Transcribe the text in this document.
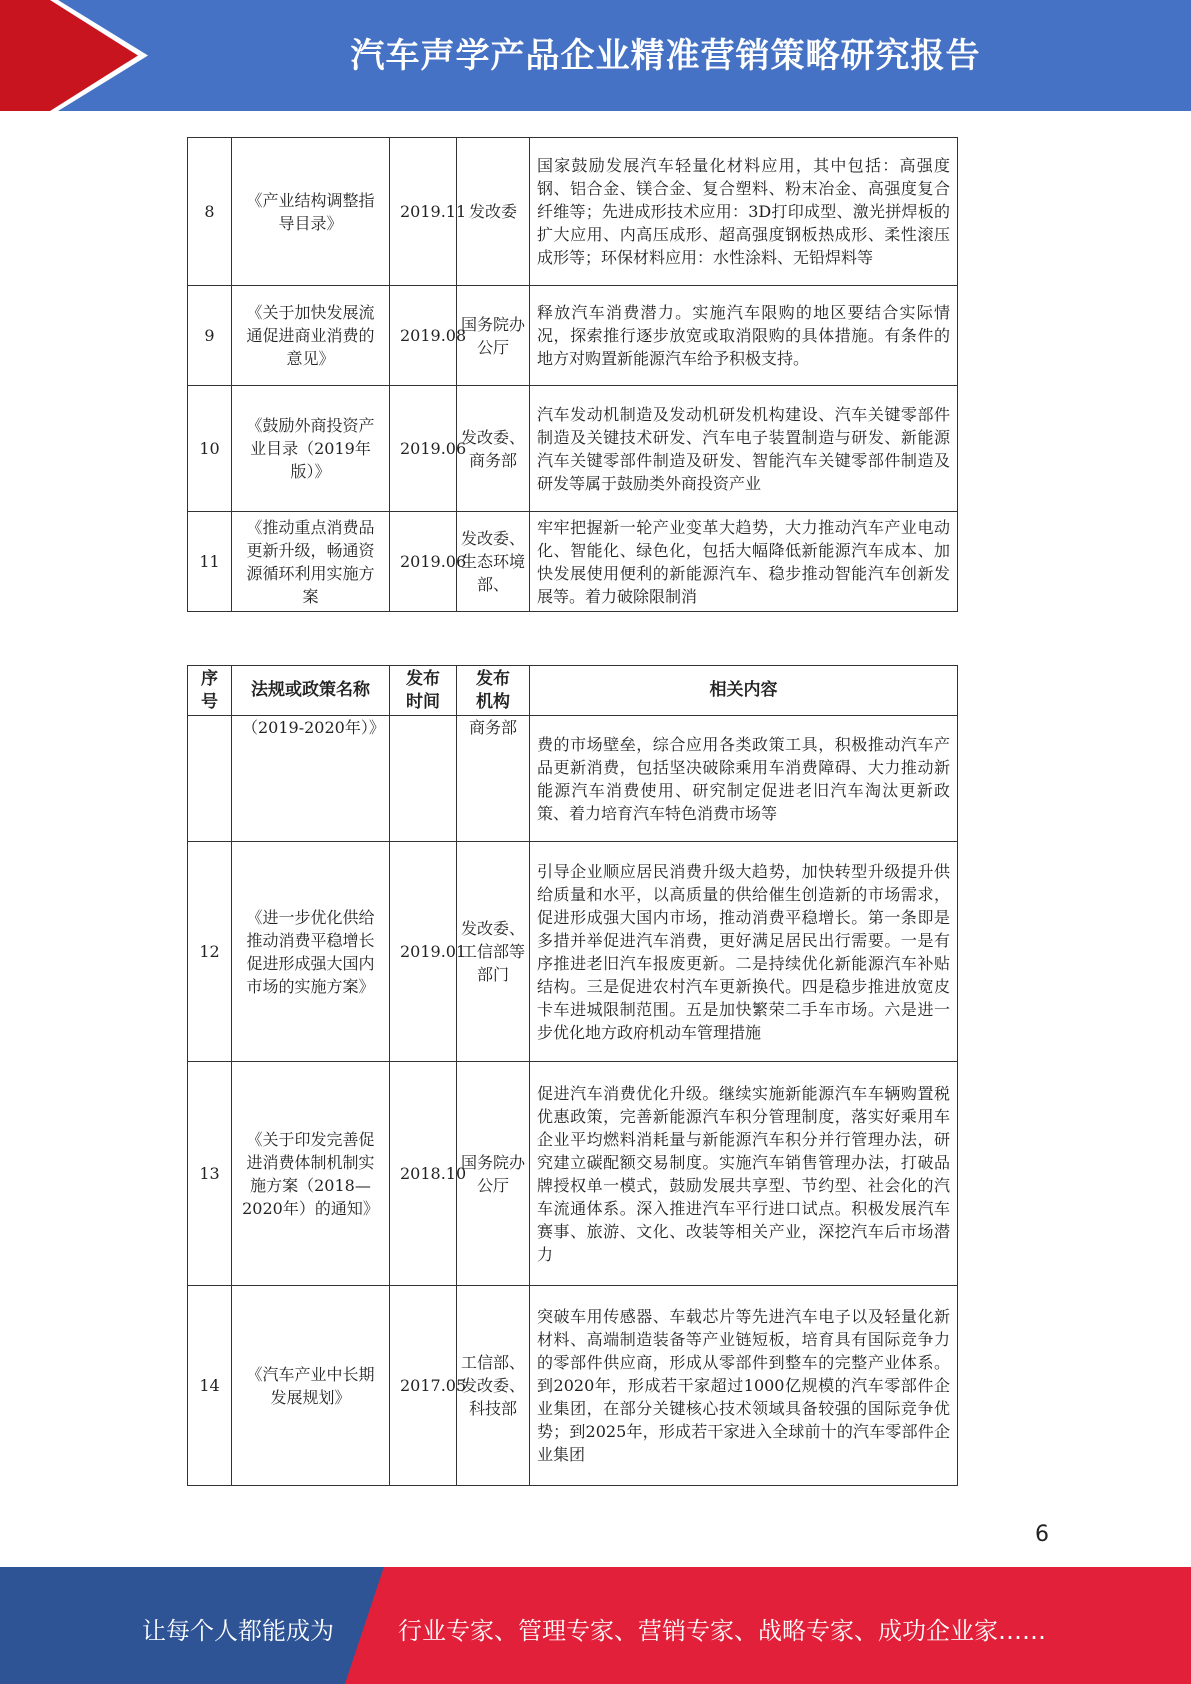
汽车声学产品企业精准营销策略研究报告
8	《产业结构调整指导目录》	2019.11	发改委	国家鼓励发展汽车轻量化材料应用，其中包括：高强度钢、铝合金、镁合金、复合塑料、粉末冶金、高强度复合纤维等；先进成形技术应用：3D打印成型、激光拼焊板的扩大应用、内高压成形、超高强度钢板热成形、柔性滚压成形等；环保材料应用：水性涂料、无铅焊料等
9	《关于加快发展流通促进商业消费的意见》	2019.08	国务院办公厅	释放汽车消费潜力。实施汽车限购的地区要结合实际情况，探索推行逐步放宽或取消限购的具体措施。有条件的地方对购置新能源汽车给予积极支持。
10	《鼓励外商投资产业目录（2019年版）》	2019.06	发改委、商务部	汽车发动机制造及发动机研发机构建设、汽车关键零部件制造及关键技术研发、汽车电子装置制造与研发、新能源汽车关键零部件制造及研发、智能汽车关键零部件制造及研发等属于鼓励类外商投资产业
11	《推动重点消费品更新升级，畅通资源循环利用实施方案	2019.06	发改委、生态环境部、	牢牢把握新一轮产业变革大趋势，大力推动汽车产业电动化、智能化、绿色化，包括大幅降低新能源汽车成本、加快发展使用便利的新能源汽车、稳步推动智能汽车创新发展等。着力破除限制消
序号	法规或政策名称	发布时间	发布机构	相关内容
	（2019-2020年）》		商务部	费的市场壁垒，综合应用各类政策工具，积极推动汽车产品更新消费，包括坚决破除乘用车消费障碍、大力推动新能源汽车消费使用、研究制定促进老旧汽车淘汰更新政策、着力培育汽车特色消费市场等
12	《进一步优化供给推动消费平稳增长促进形成强大国内市场的实施方案》	2019.01	发改委、工信部等部门	引导企业顺应居民消费升级大趋势，加快转型升级提升供给质量和水平，以高质量的供给催生创造新的市场需求，促进形成强大国内市场，推动消费平稳增长。第一条即是多措并举促进汽车消费，更好满足居民出行需要。一是有序推进老旧汽车报废更新。二是持续优化新能源汽车补贴结构。三是促进农村汽车更新换代。四是稳步推进放宽皮卡车进城限制范围。五是加快繁荣二手车市场。六是进一步优化地方政府机动车管理措施
13	《关于印发完善促进消费体制机制实施方案（2018—2020年）的通知》	2018.10	国务院办公厅	促进汽车消费优化升级。继续实施新能源汽车车辆购置税优惠政策，完善新能源汽车积分管理制度，落实好乘用车企业平均燃料消耗量与新能源汽车积分并行管理办法，研究建立碳配额交易制度。实施汽车销售管理办法，打破品牌授权单一模式，鼓励发展共享型、节约型、社会化的汽车流通体系。深入推进汽车平行进口试点。积极发展汽车赛事、旅游、文化、改装等相关产业，深挖汽车后市场潜力
14	《汽车产业中长期发展规划》	2017.05	工信部、发改委、科技部	突破车用传感器、车载芯片等先进汽车电子以及轻量化新材料、高端制造装备等产业链短板，培育具有国际竞争力的零部件供应商，形成从零部件到整车的完整产业体系。到2020年，形成若干家超过1000亿规模的汽车零部件企业集团，在部分关键核心技术领域具备较强的国际竞争优势；到2025年，形成若干家进入全球前十的汽车零部件企业集团
6
让每个人都能成为	行业专家、管理专家、营销专家、战略专家、成功企业家……
